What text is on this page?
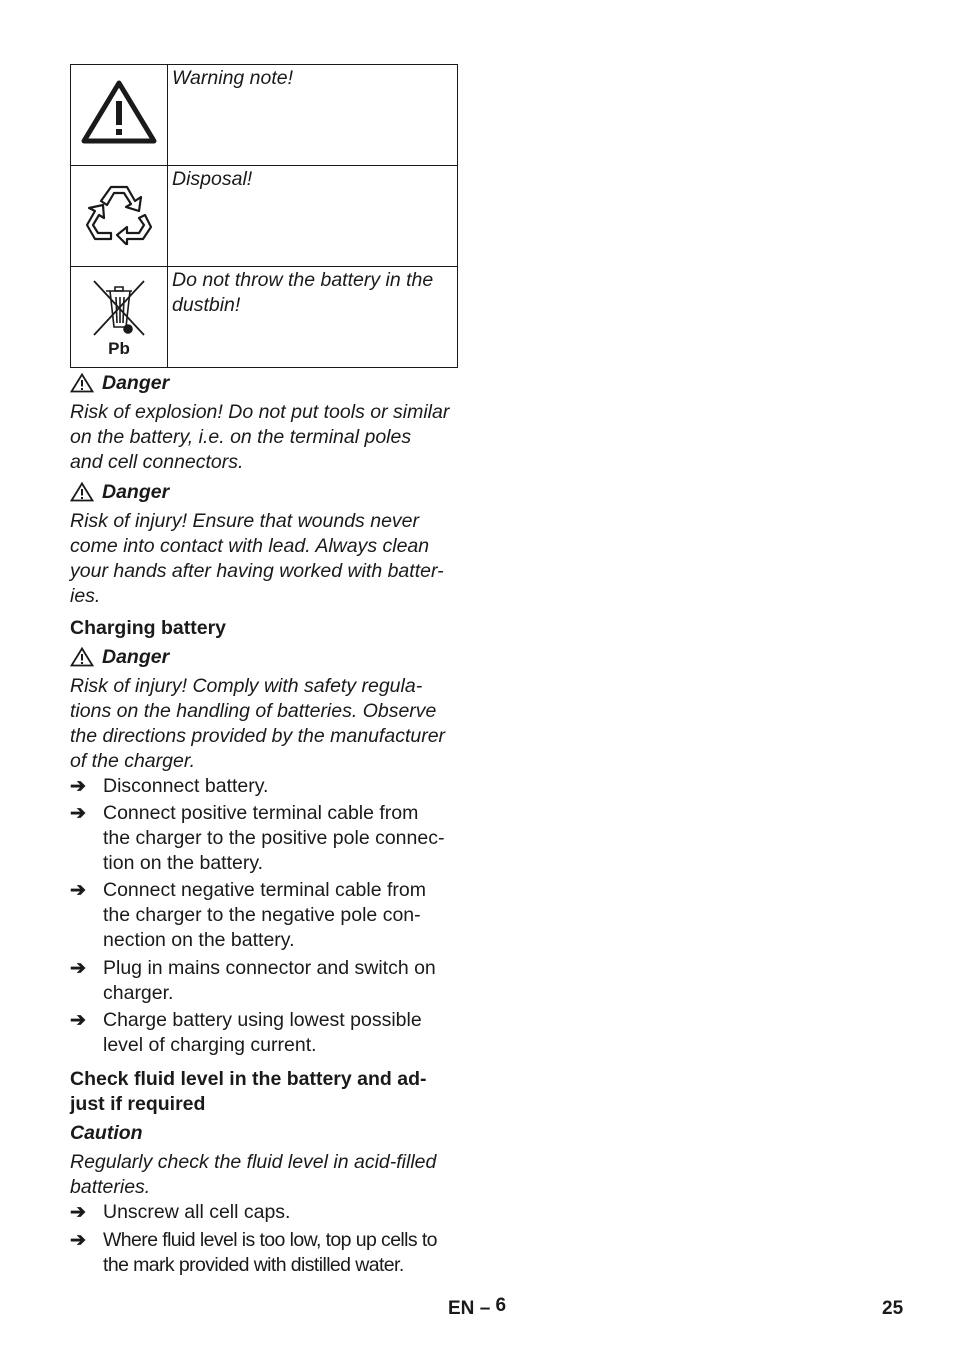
	Warning note!
	Disposal!

Pb	Do not throw the battery in the dustbin!
Danger
Risk of explosion! Do not put tools or similar
on the battery, i.e. on the terminal poles
and cell connectors.
Danger
Risk of injury! Ensure that wounds never
come into contact with lead. Always clean
your hands after having worked with batter-
ies.
Charging battery
Danger
Risk of injury! Comply with safety regula-
tions on the handling of batteries. Observe
the directions provided by the manufacturer
of the charger.
➔ Disconnect battery.
➔ Connect positive terminal cable from
the charger to the positive pole connec-
tion on the battery.
➔ Connect negative terminal cable from
the charger to the negative pole con-
nection on the battery.
➔ Plug in mains connector and switch on
charger.
➔ Charge battery using lowest possible
level of charging current.
Check fluid level in the battery and ad-
just if required
Caution
Regularly check the fluid level in acid-filled
batteries.
➔ Unscrew all cell caps.
➔ Where fluid level is too low, top up cells to
the mark provided with distilled water.
EN – 6	25
